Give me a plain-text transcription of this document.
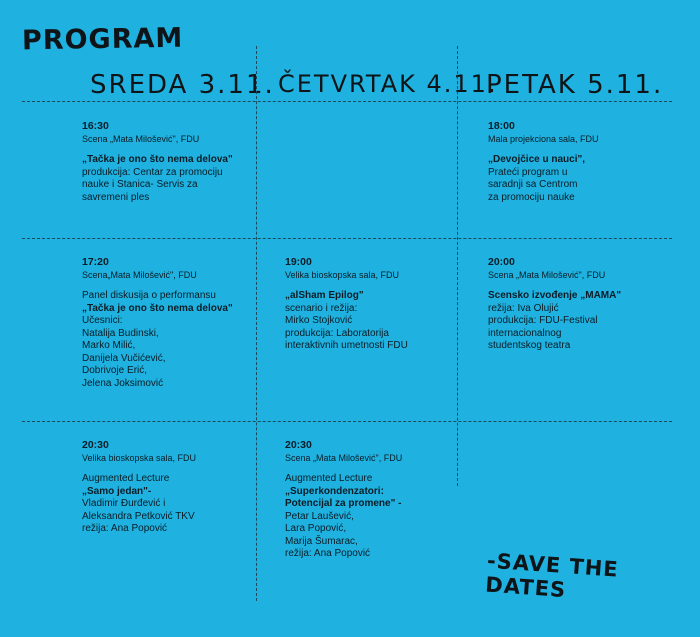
PROGRAM
SREDA 3.11. ČETVRTAK 4.11.
PETAK 5.11.
16:30
Scena „Mata Milošević", FDU
„Tačka je ono što nema delova"
produkcija: Centar za promociju
nauke i Stanica- Servis za
savremeni ples
18:00
Mala projekciona sala, FDU
„Devojčice u nauci",
Prateći program u
saradnji sa Centrom
za promociju nauke
17:20
Scena„Mata Milošević", FDU
Panel diskusija o performansu
„Tačka je ono što nema delova"
Učesnici:
Natalija Budinski,
Marko Milić,
Danijela Vučićević,
Dobrivoje Erić,
Jelena Joksimović
19:00
Velika bioskopska sala, FDU
„alSham Epilog"
scenario i režija:
Mirko Stojković
produkcija: Laboratorija
interaktivnih umetnosti FDU
20:00
Scena „Mata Milošević", FDU
Scensko izvođenje „MAMA"
režija: Iva Olujić
produkcija: FDU-Festival
internacionalnog
studentskog teatra
20:30
Velika bioskopska sala, FDU
Augmented Lecture
„Samo jedan"-
Vladimir Đurđević i
Aleksandra Petković TKV
režija: Ana Popović
20:30
Scena „Mata Milošević", FDU
Augmented Lecture
„Superkondenzatori:
Potencijal za promene" -
Petar Laušević,
Lara Popović,
Marija Šumarac,
režija: Ana Popović	-SAVE THE DATES
